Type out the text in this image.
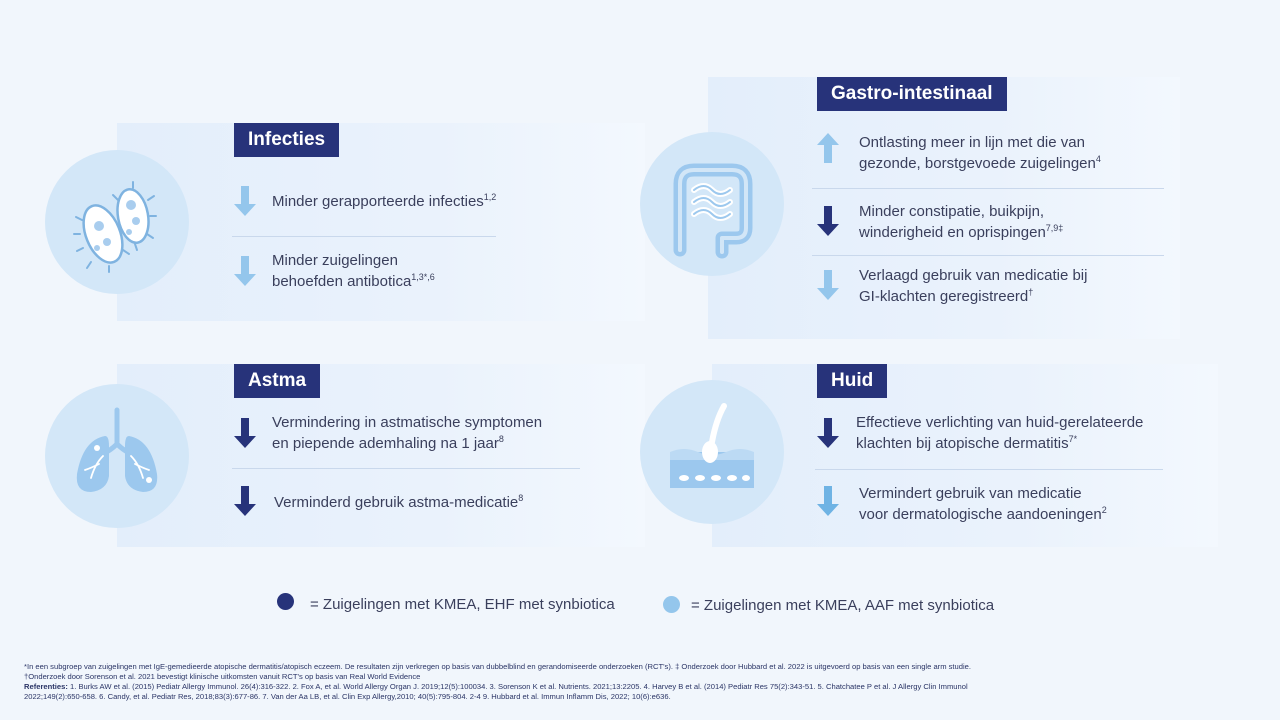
Infecties
Minder gerapporteerde infecties$^{1,2}$
Minder zuigelingen
behoefden antibotica$^{1,3*,6}$
Gastro-intestinaal
Ontlasting meer in lijn met die van
gezonde, borstgevoede zuigelingen$^4$
Minder constipatie, buikpijn,
winderigheid en oprispingen$^{7,9\ddagger}$
Verlaagd gebruik van medicatie bij
GI-klachten geregistreerd†
Astma
Vermindering in astmatische symptomen
en piepende ademhaling na 1 jaar$^8$
Verminderd gebruik astma-medicatie$^8$
Huid
Effectieve verlichting van huid-gerelateerde
klachten bij atopische dermatitis$^{7*}$
Vermindert gebruik van medicatie
voor dermatologische aandoeningen$^2$
= Zuigelingen met KMEA, EHF met synbiotica	= Zuigelingen met KMEA, AAF met synbiotica
*In een subgroep van zuigelingen met IgE-gemedieerde atopische dermatitis/atopisch eczeem. De resultaten zijn verkregen op basis van dubbelblind en gerandomiseerde onderzoeken (RCT's). ‡ Onderzoek door Hubbard et al. 2022 is uitgevoerd op basis van een single arm studie.
†Onderzoek door Sorenson et al. 2021 bevestigt klinische uitkomsten vanuit RCT's op basis van Real World Evidence
Referenties: 1. Burks AW et al. (2015) Pediatr Allergy Immunol. 26(4):316-322. 2. Fox A, et al. World Allergy Organ J. 2019;12(5):100034. 3. Sorenson K et al. Nutrients. 2021;13:2205. 4. Harvey B et al. (2014) Pediatr Res 75(2):343-51. 5. Chatchatee P et al. J Allergy Clin Immunol
2022;149(2):650-658. 6. Candy, et al. Pediatr Res, 2018;83(3):677-86. 7. Van der Aa LB, et al. Clin Exp Allergy,2010; 40(5):795-804. 2-4 9. Hubbard et al. Immun Inflamm Dis, 2022; 10(6):e636.
